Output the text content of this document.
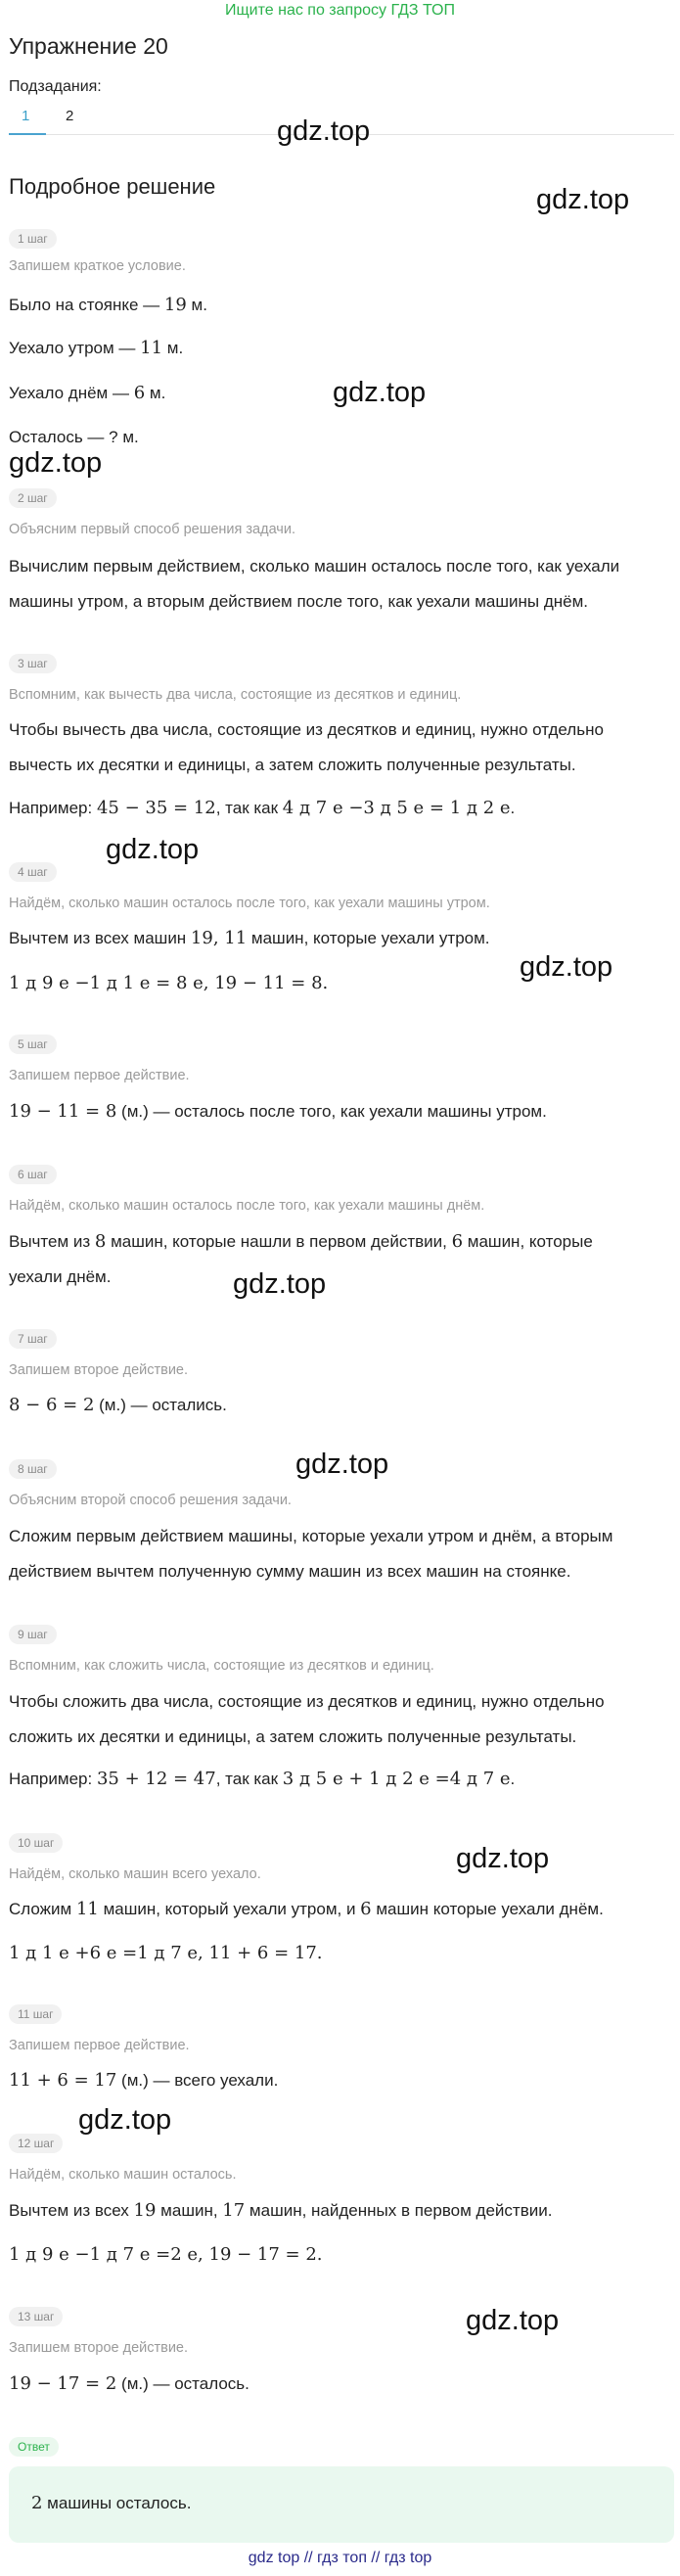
Ищите нас по запросу ГДЗ ТОП
Упражнение 20
Подзадания:
1 2
Подробное решение
gdz.top
gdz.top
gdz.top
gdz.top
gdz.top
gdz.top
gdz.top
gdz.top
gdz.top
gdz.top
gdz.top
1 шаг
Запишем краткое условие.
Было на стоянке — 19 м.
Уехало утром — 11 м.
Уехало днём — 6 м.
Осталось — ? м.
2 шаг
Объясним первый способ решения задачи.
Вычислим первым действием, сколько машин осталось после того, как уехали
машины утром, а вторым действием после того, как уехали машины днём.
3 шаг
Вспомним, как вычесть два числа, состоящие из десятков и единиц.
Чтобы вычесть два числа, состоящие из десятков и единиц, нужно отдельно
вычесть их десятки и единицы, а затем сложить полученные результаты.
Например: 45 − 35 = 12, так как 4 д 7 е −3 д 5 е = 1 д 2 е.
4 шаг
Найдём, сколько машин осталось после того, как уехали машины утром.
Вычтем из всех машин 19, 11 машин, которые уехали утром.
1 д 9 е −1 д 1 е = 8 е, 19 − 11 = 8.
5 шаг
Запишем первое действие.
19 − 11 = 8 (м.) — осталось после того, как уехали машины утром.
6 шаг
Найдём, сколько машин осталось после того, как уехали машины днём.
Вычтем из 8 машин, которые нашли в первом действии, 6 машин, которые
уехали днём.
7 шаг
Запишем второе действие.
8 − 6 = 2 (м.) — остались.
8 шаг
Объясним второй способ решения задачи.
Сложим первым действием машины, которые уехали утром и днём, а вторым
действием вычтем полученную сумму машин из всех машин на стоянке.
9 шаг
Вспомним, как сложить числа, состоящие из десятков и единиц.
Чтобы сложить два числа, состоящие из десятков и единиц, нужно отдельно
сложить их десятки и единицы, а затем сложить полученные результаты.
Например: 35 + 12 = 47, так как 3 д 5 е + 1 д 2 е =4 д 7 е.
10 шаг
Найдём, сколько машин всего уехало.
Сложим 11 машин, который уехали утром, и 6 машин которые уехали днём.
1 д 1 е +6 е =1 д 7 е, 11 + 6 = 17.
11 шаг
Запишем первое действие.
11 + 6 = 17 (м.) — всего уехали.
12 шаг
Найдём, сколько машин осталось.
Вычтем из всех 19 машин, 17 машин, найденных в первом действии.
1 д 9 е −1 д 7 е =2 е, 19 − 17 = 2.
13 шаг
Запишем второе действие.
19 − 17 = 2 (м.) — осталось.
Ответ
2 машины осталось.
gdz top // гдз топ // гдз top
